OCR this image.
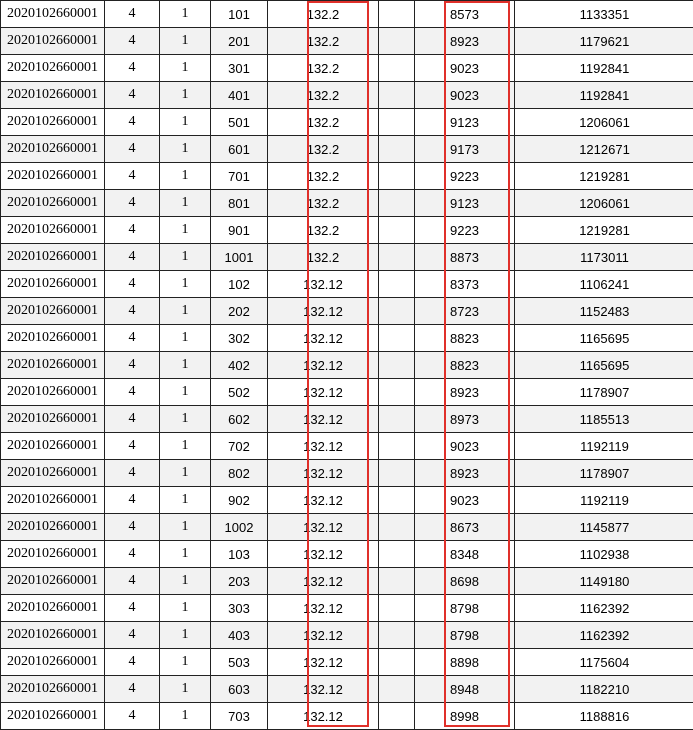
2020102660001	4	1	101	132.2		8573	1133351
2020102660001	4	1	201	132.2		8923	1179621
2020102660001	4	1	301	132.2		9023	1192841
2020102660001	4	1	401	132.2		9023	1192841
2020102660001	4	1	501	132.2		9123	1206061
2020102660001	4	1	601	132.2		9173	1212671
2020102660001	4	1	701	132.2		9223	1219281
2020102660001	4	1	801	132.2		9123	1206061
2020102660001	4	1	901	132.2		9223	1219281
2020102660001	4	1	1001	132.2		8873	1173011
2020102660001	4	1	102	132.12		8373	1106241
2020102660001	4	1	202	132.12		8723	1152483
2020102660001	4	1	302	132.12		8823	1165695
2020102660001	4	1	402	132.12		8823	1165695
2020102660001	4	1	502	132.12		8923	1178907
2020102660001	4	1	602	132.12		8973	1185513
2020102660001	4	1	702	132.12		9023	1192119
2020102660001	4	1	802	132.12		8923	1178907
2020102660001	4	1	902	132.12		9023	1192119
2020102660001	4	1	1002	132.12		8673	1145877
2020102660001	4	1	103	132.12		8348	1102938
2020102660001	4	1	203	132.12		8698	1149180
2020102660001	4	1	303	132.12		8798	1162392
2020102660001	4	1	403	132.12		8798	1162392
2020102660001	4	1	503	132.12		8898	1175604
2020102660001	4	1	603	132.12		8948	1182210
2020102660001	4	1	703	132.12		8998	1188816
